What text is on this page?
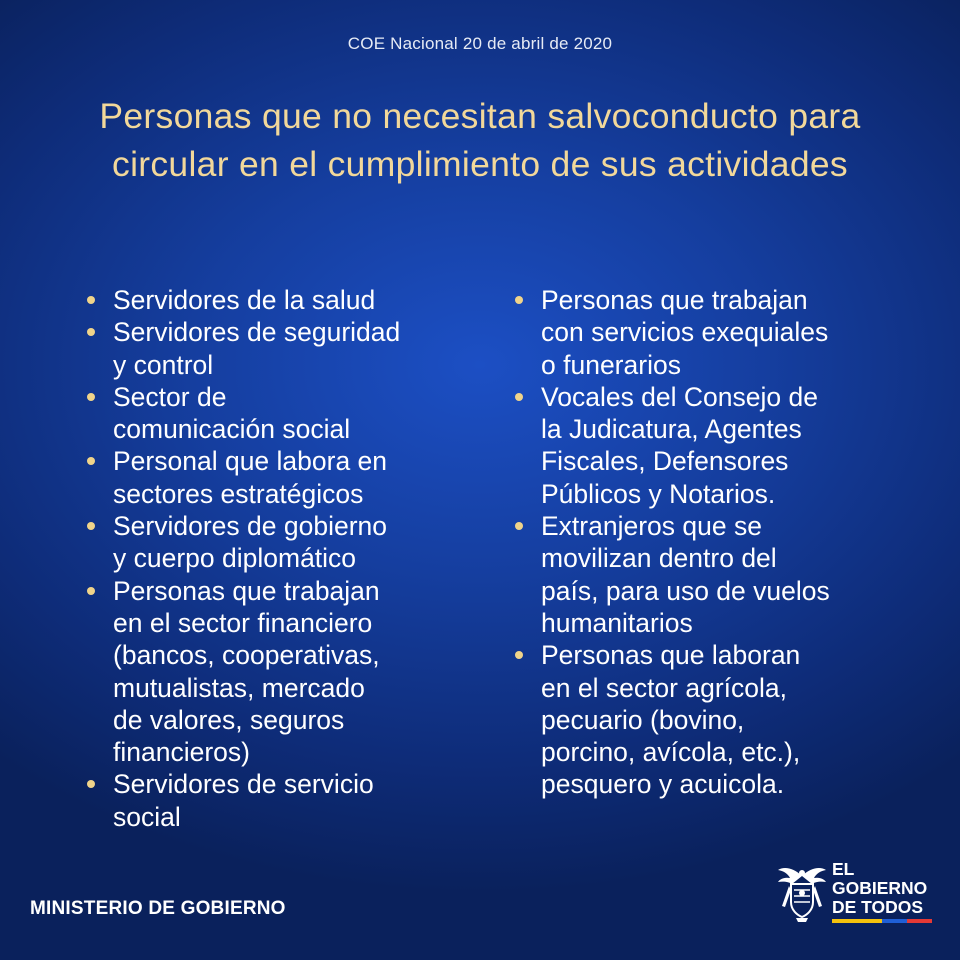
COE Nacional 20 de abril de 2020
Personas que no necesitan salvoconducto para
circular en el cumplimiento de sus actividades
Servidores de la salud
Servidores de seguridad
y control
Sector de
comunicación social
Personal que labora en
sectores estratégicos
Servidores de gobierno
y cuerpo diplomático
Personas que trabajan
en el sector financiero
(bancos, cooperativas,
mutualistas, mercado
de valores, seguros
financieros)
Servidores de servicio
social
Personas que trabajan
con servicios exequiales
o funerarios
Vocales del Consejo de
la Judicatura, Agentes
Fiscales, Defensores
Públicos y Notarios.
Extranjeros que se
movilizan dentro del
país, para uso de vuelos
humanitarios
Personas que laboran
en el sector agrícola,
pecuario (bovino,
porcino, avícola, etc.),
pesquero y acuicola.
MINISTERIO DE GOBIERNO
EL
GOBIERNO
DE TODOS
